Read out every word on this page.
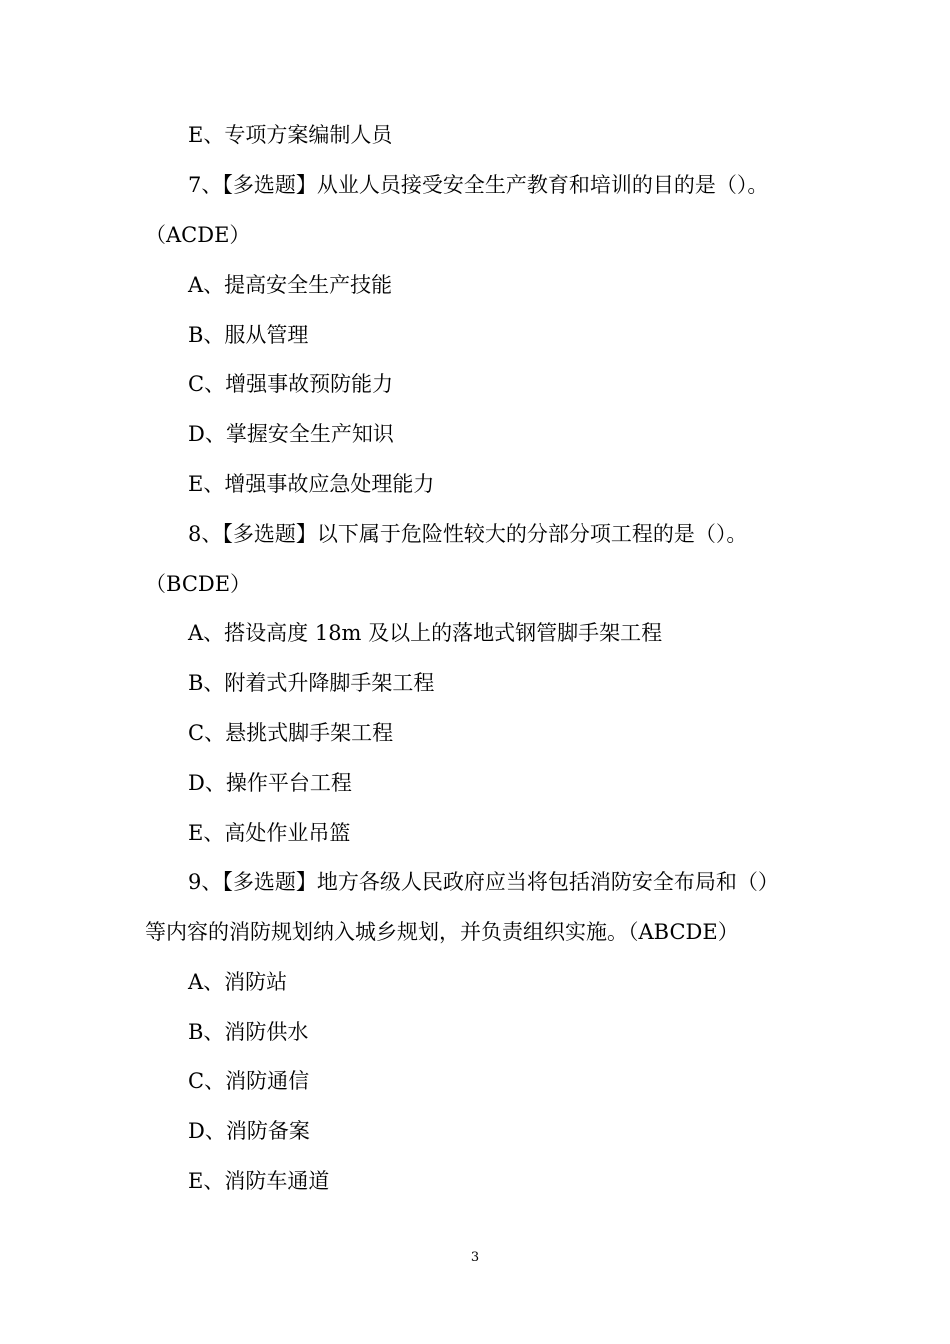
E、专项方案编制人员
7、【多选题】从业人员接受安全生产教育和培训的目的是（）。
（ACDE）
A、提高安全生产技能
B、服从管理
C、增强事故预防能力
D、掌握安全生产知识
E、增强事故应急处理能力
8、【多选题】以下属于危险性较大的分部分项工程的是（）。
（BCDE）
A、搭设高度 18m 及以上的落地式钢管脚手架工程
B、附着式升降脚手架工程
C、悬挑式脚手架工程
D、操作平台工程
E、高处作业吊篮
9、【多选题】地方各级人民政府应当将包括消防安全布局和（）
等内容的消防规划纳入城乡规划，并负责组织实施。（ABCDE）
A、消防站
B、消防供水
C、消防通信
D、消防备案
E、消防车通道
3
